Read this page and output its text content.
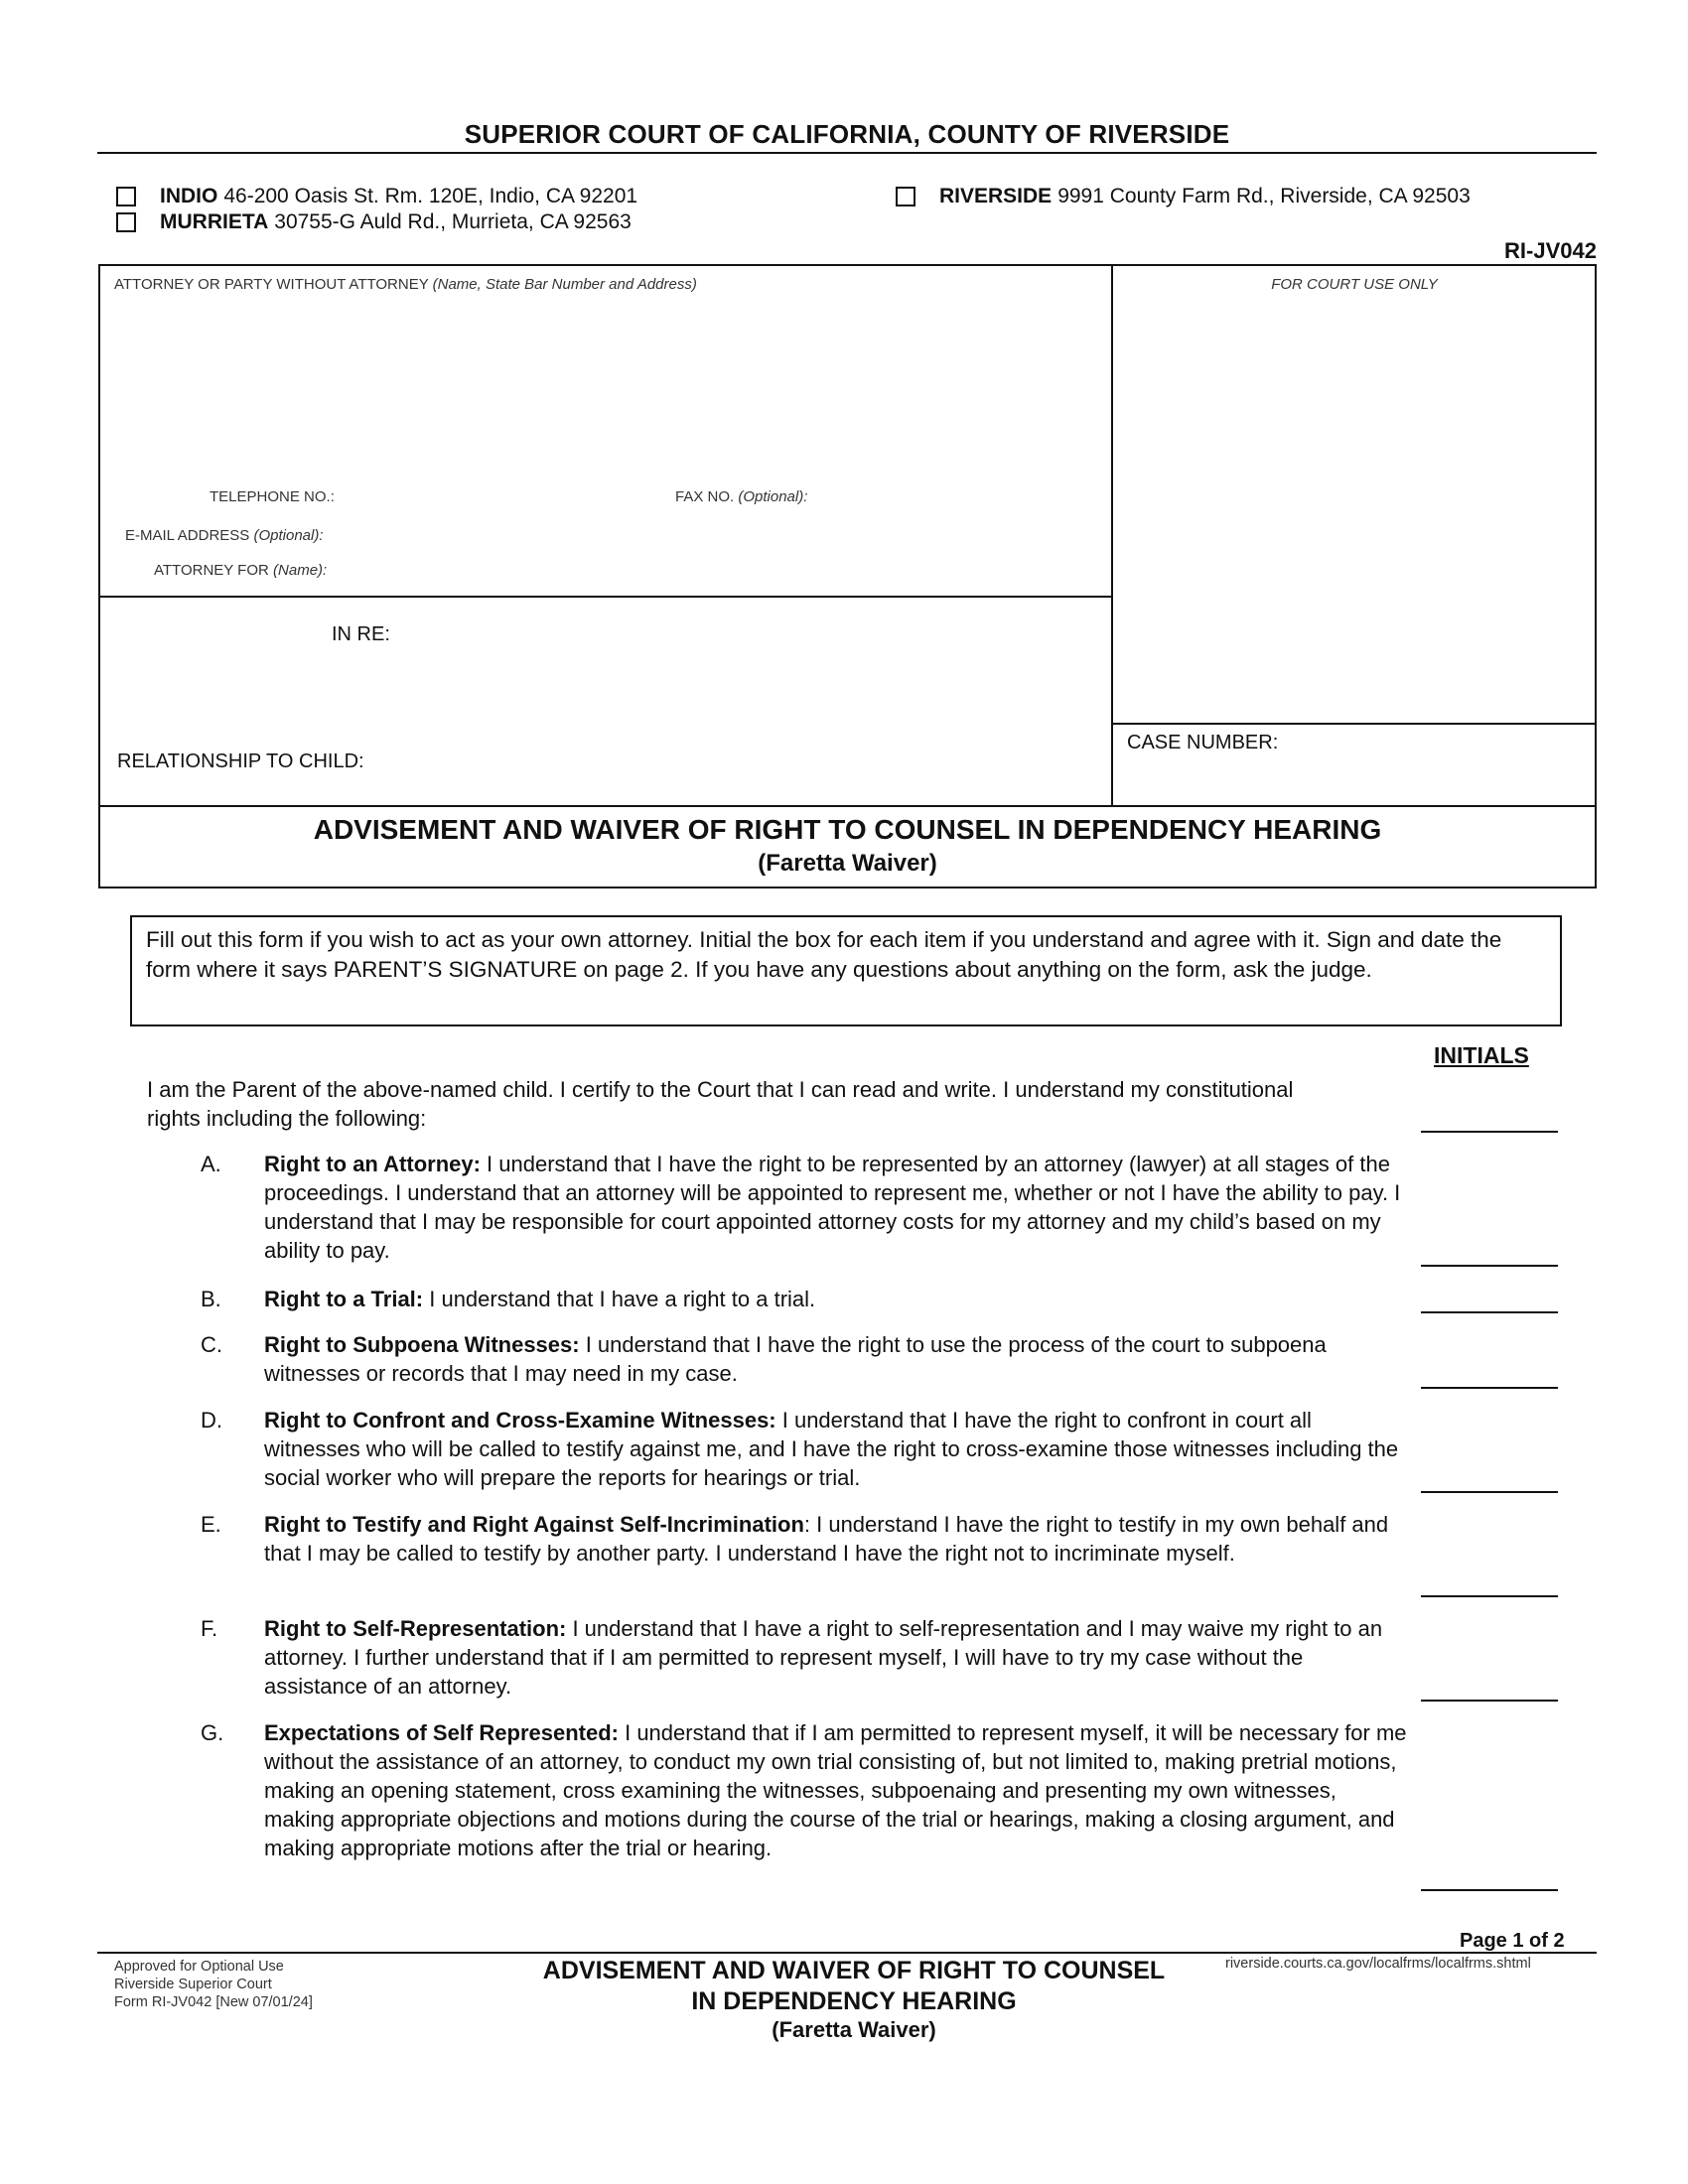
SUPERIOR COURT OF CALIFORNIA, COUNTY OF RIVERSIDE
INDIO 46-200 Oasis St. Rm. 120E, Indio, CA 92201
MURRIETA 30755-G Auld Rd., Murrieta, CA 92563
RIVERSIDE 9991 County Farm Rd., Riverside, CA 92503
RI-JV042
ATTORNEY OR PARTY WITHOUT ATTORNEY (Name, State Bar Number and Address)	FOR COURT USE ONLY
TELEPHONE NO.:	FAX NO. (Optional):
E-MAIL ADDRESS (Optional):
ATTORNEY FOR (Name):
IN RE:
RELATIONSHIP TO CHILD:
CASE NUMBER:
ADVISEMENT AND WAIVER OF RIGHT TO COUNSEL IN DEPENDENCY HEARING
(Faretta Waiver)
Fill out this form if you wish to act as your own attorney. Initial the box for each item if you understand and agree with it. Sign and date the form where it says PARENT’S SIGNATURE on page 2. If you have any questions about anything on the form, ask the judge.
INITIALS
I am the Parent of the above-named child. I certify to the Court that I can read and write. I understand my constitutional rights including the following:
A.	Right to an Attorney: I understand that I have the right to be represented by an attorney (lawyer) at all stages of the proceedings. I understand that an attorney will be appointed to represent me, whether or not I have the ability to pay. I understand that I may be responsible for court appointed attorney costs for my attorney and my child’s based on my ability to pay.
B.	Right to a Trial: I understand that I have a right to a trial.
C.	Right to Subpoena Witnesses: I understand that I have the right to use the process of the court to subpoena witnesses or records that I may need in my case.
D.	Right to Confront and Cross-Examine Witnesses: I understand that I have the right to confront in court all witnesses who will be called to testify against me, and I have the right to cross-examine those witnesses including the social worker who will prepare the reports for hearings or trial.
E.	Right to Testify and Right Against Self-Incrimination: I understand I have the right to testify in my own behalf and that I may be called to testify by another party. I understand I have the right not to incriminate myself.
F.	Right to Self-Representation: I understand that I have a right to self-representation and I may waive my right to an attorney. I further understand that if I am permitted to represent myself, I will have to try my case without the assistance of an attorney.
G.	Expectations of Self Represented: I understand that if I am permitted to represent myself, it will be necessary for me without the assistance of an attorney, to conduct my own trial consisting of, but not limited to, making pretrial motions, making an opening statement, cross examining the witnesses, subpoenaing and presenting my own witnesses, making appropriate objections and motions during the course of the trial or hearings, making a closing argument, and making appropriate motions after the trial or hearing.
Page 1 of 2
Approved for Optional Use
Riverside Superior Court
Form RI-JV042 [New 07/01/24]
ADVISEMENT AND WAIVER OF RIGHT TO COUNSEL
IN DEPENDENCY HEARING
(Faretta Waiver)
riverside.courts.ca.gov/localfrms/localfrms.shtml
